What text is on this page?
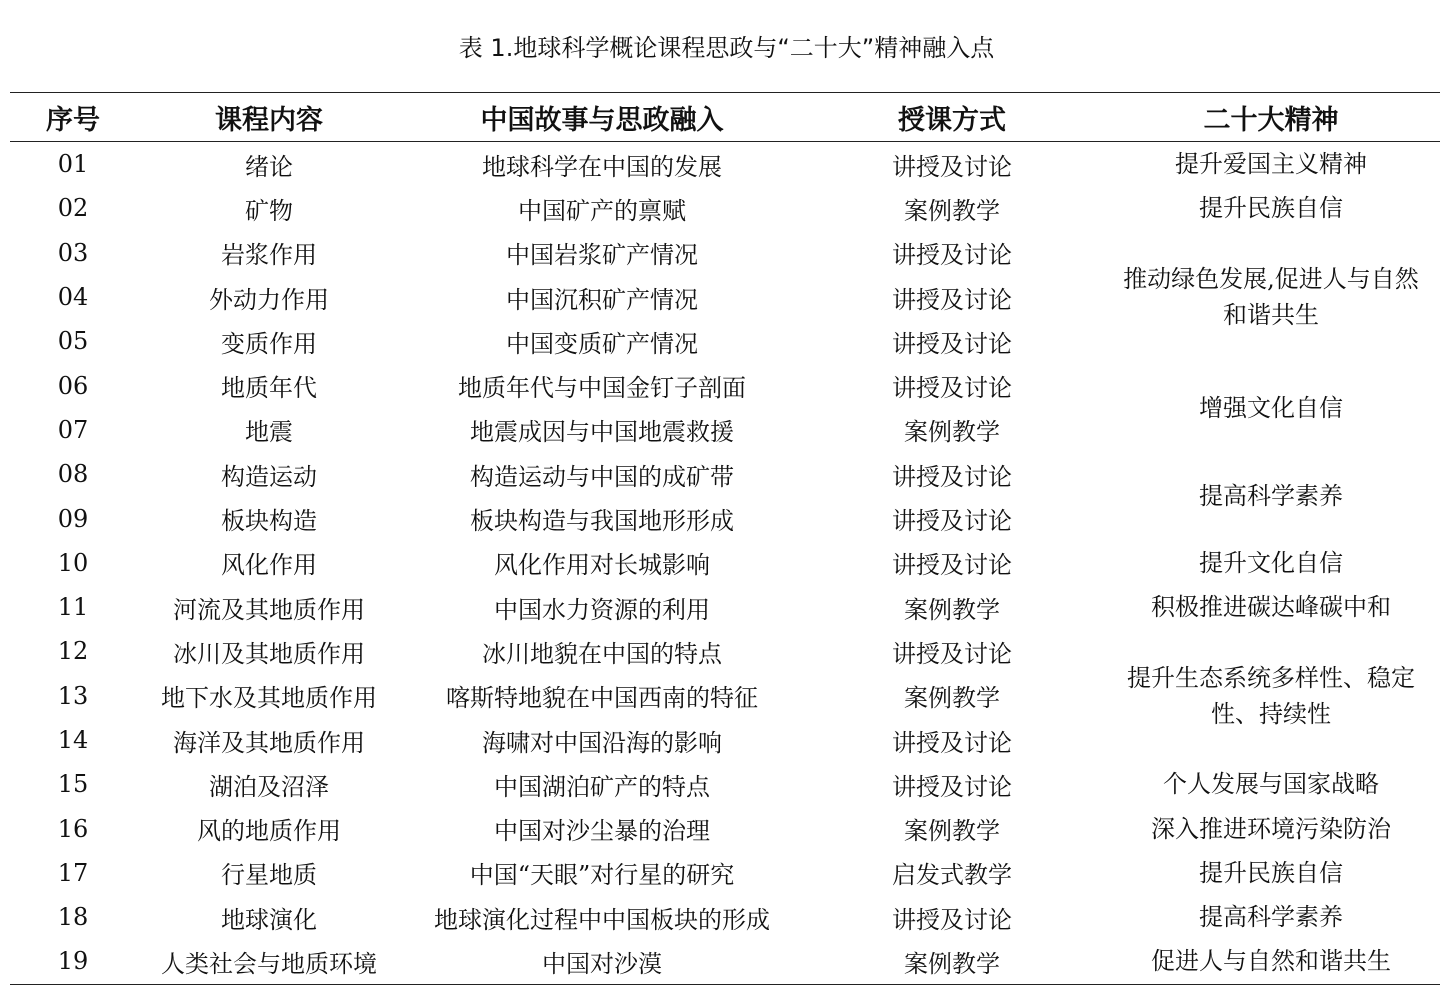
表 1.地球科学概论课程思政与“二十大”精神融入点
序号	课程内容	中国故事与思政融入	授课方式	二十大精神
01	绪论	地球科学在中国的发展	讲授及讨论	提升爱国主义精神
02	矿物	中国矿产的禀赋	案例教学	提升民族自信
03	岩浆作用	中国岩浆矿产情况	讲授及讨论	推动绿色发展,促进人与自然和谐共生
04	外动力作用	中国沉积矿产情况	讲授及讨论	
05	变质作用	中国变质矿产情况	讲授及讨论	
06	地质年代	地质年代与中国金钉子剖面	讲授及讨论	增强文化自信
07	地震	地震成因与中国地震救援	案例教学	
08	构造运动	构造运动与中国的成矿带	讲授及讨论	提高科学素养
09	板块构造	板块构造与我国地形形成	讲授及讨论	
10	风化作用	风化作用对长城影响	讲授及讨论	提升文化自信
11	河流及其地质作用	中国水力资源的利用	案例教学	积极推进碳达峰碳中和
12	冰川及其地质作用	冰川地貌在中国的特点	讲授及讨论	提升生态系统多样性、稳定性、持续性
13	地下水及其地质作用	喀斯特地貌在中国西南的特征	案例教学	
14	海洋及其地质作用	海啸对中国沿海的影响	讲授及讨论	
15	湖泊及沼泽	中国湖泊矿产的特点	讲授及讨论	个人发展与国家战略
16	风的地质作用	中国对沙尘暴的治理	案例教学	深入推进环境污染防治
17	行星地质	中国“天眼”对行星的研究	启发式教学	提升民族自信
18	地球演化	地球演化过程中中国板块的形成	讲授及讨论	提高科学素养
19	人类社会与地质环境	中国对沙漠	案例教学	促进人与自然和谐共生
